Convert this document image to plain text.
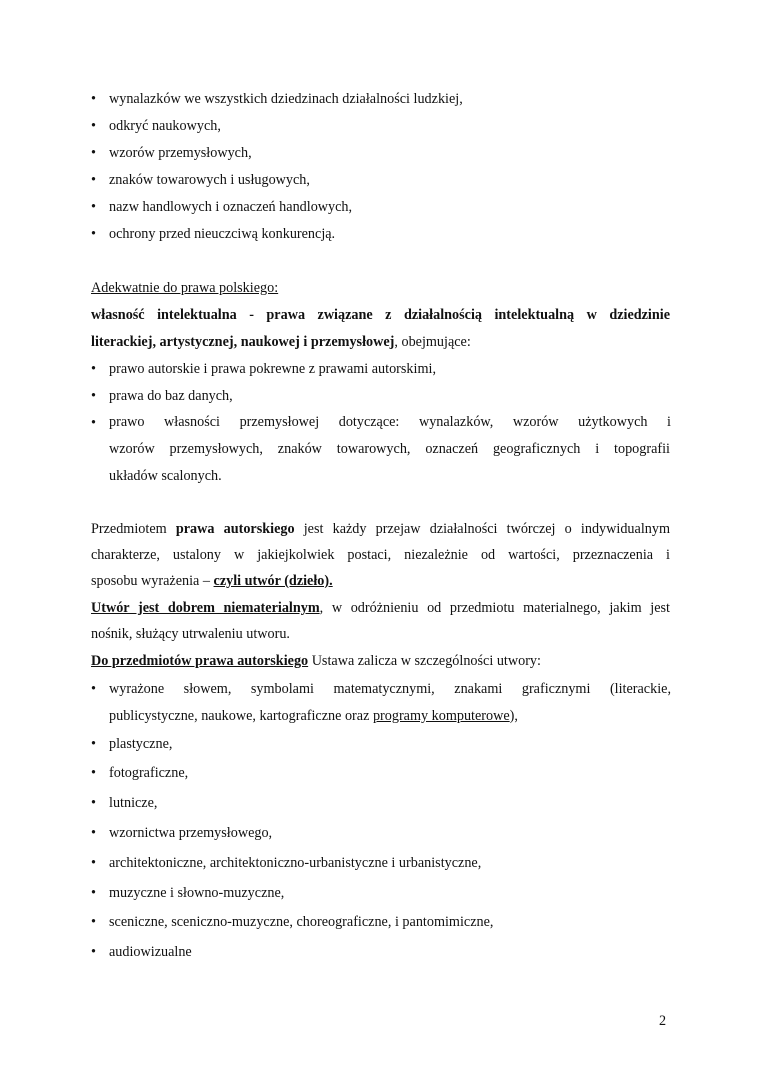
• wynalazków we wszystkich dziedzinach działalności ludzkiej,
• odkryć naukowych,
• wzorów przemysłowych,
• znaków towarowych i usługowych,
• nazw handlowych i oznaczeń handlowych,
• ochrony przed nieuczciwą konkurencją.
Adekwatnie do prawa polskiego:
własność intelektualna - prawa związane z działalnością intelektualną w dziedzinie
literackiej, artystycznej, naukowej i przemysłowej, obejmujące:
• prawo autorskie i prawa pokrewne z prawami autorskimi,
• prawa do baz danych,
• prawo własności przemysłowej dotyczące: wynalazków, wzorów użytkowych i
wzorów przemysłowych, znaków towarowych, oznaczeń geograficznych i topografii
układów scalonych.
Przedmiotem prawa autorskiego jest każdy przejaw działalności twórczej o indywidualnym
charakterze, ustalony w jakiejkolwiek postaci, niezależnie od wartości, przeznaczenia i
sposobu wyrażenia – czyli utwór (dzieło).
Utwór jest dobrem niematerialnym, w odróżnieniu od przedmiotu materialnego, jakim jest
nośnik, służący utrwaleniu utworu.
Do przedmiotów prawa autorskiego Ustawa zalicza w szczególności utwory:
• wyrażone słowem, symbolami matematycznymi, znakami graficznymi (literackie,
publicystyczne, naukowe, kartograficzne oraz programy komputerowe),
• plastyczne,
• fotograficzne,
• lutnicze,
• wzornictwa przemysłowego,
• architektoniczne, architektoniczno-urbanistyczne i urbanistyczne,
• muzyczne i słowno-muzyczne,
• sceniczne, sceniczno-muzyczne, choreograficzne, i pantomimiczne,
• audiowizualne
2
